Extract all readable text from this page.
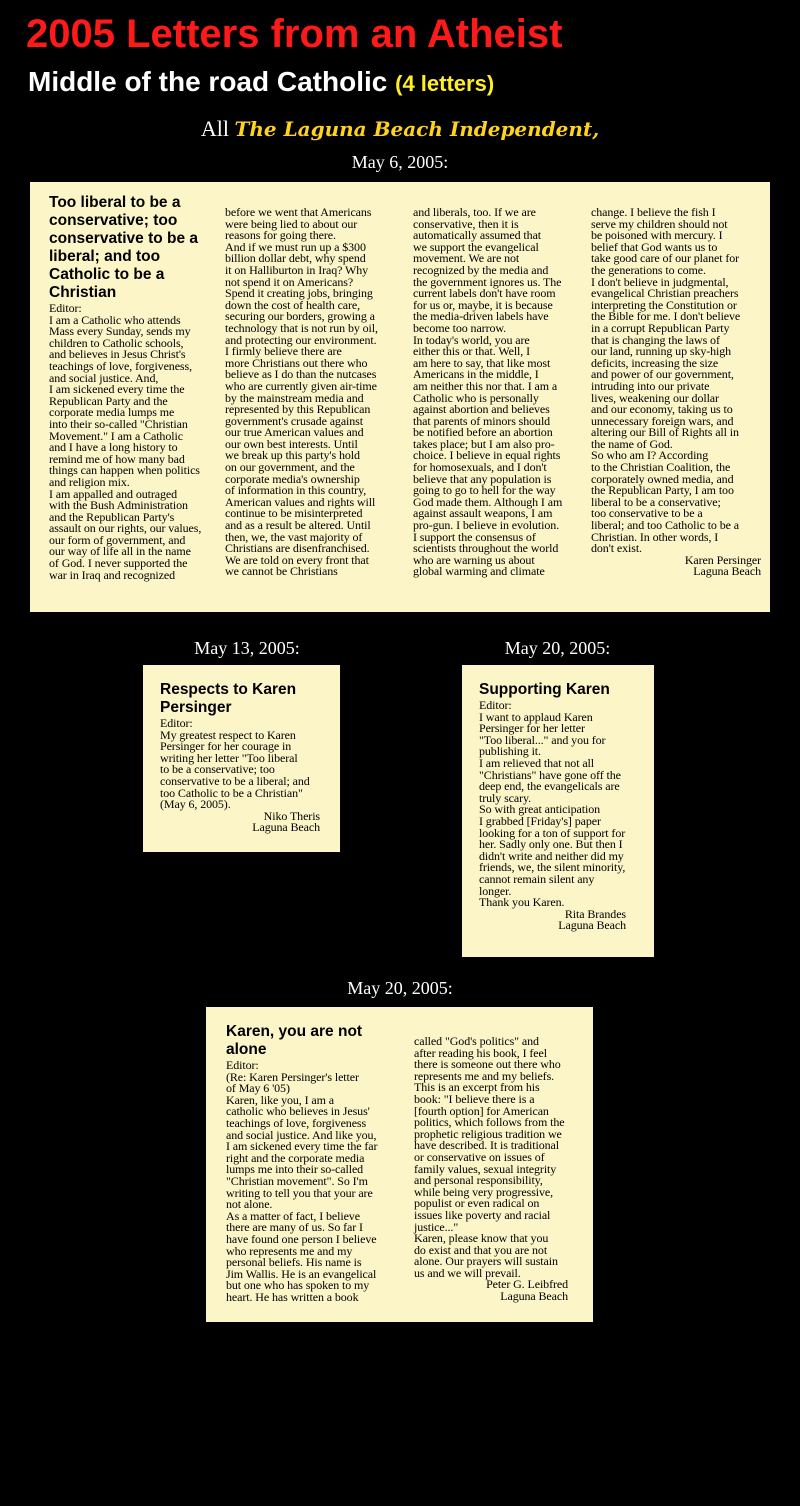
2005 Letters from an Atheist
Middle of the road Catholic (4 letters)
All The Laguna Beach Independent,
May 6, 2005:
Too liberal to be a conservative; too conservative to be a liberal; and too Catholic to be a Christian
Editor:
I am a Catholic who attends
Mass every Sunday, sends my
children to Catholic schools,
and believes in Jesus Christ's
teachings of love, forgiveness,
and social justice. And,
I am sickened every time the
Republican Party and the
corporate media lumps me
into their so-called "Christian
Movement." I am a Catholic
and I have a long history to
remind me of how many bad
things can happen when politics
and religion mix.
I am appalled and outraged
with the Bush Administration
and the Republican Party's
assault on our rights, our values,
our form of government, and
our way of life all in the name
of God. I never supported the
war in Iraq and recognized
before we went that Americans
were being lied to about our
reasons for going there.
And if we must run up a $300
billion dollar debt, why spend
it on Halliburton in Iraq? Why
not spend it on Americans?
Spend it creating jobs, bringing
down the cost of health care,
securing our borders, growing a
technology that is not run by oil,
and protecting our environment.
I firmly believe there are
more Christians out there who
believe as I do than the nutcases
who are currently given air-time
by the mainstream media and
represented by this Republican
government's crusade against
our true American values and
our own best interests. Until
we break up this party's hold
on our government, and the
corporate media's ownership
of information in this country,
American values and rights will
continue to be misinterpreted
and as a result be altered. Until
then, we, the vast majority of
Christians are disenfranchised.
We are told on every front that
we cannot be Christians
and liberals, too. If we are
conservative, then it is
automatically assumed that
we support the evangelical
movement. We are not
recognized by the media and
the government ignores us. The
current labels don't have room
for us or, maybe, it is because
the media-driven labels have
become too narrow.
In today's world, you are
either this or that. Well, I
am here to say, that like most
Americans in the middle, I
am neither this nor that. I am a
Catholic who is personally
against abortion and believes
that parents of minors should
be notified before an abortion
takes place; but I am also pro-
choice. I believe in equal rights
for homosexuals, and I don't
believe that any population is
going to go to hell for the way
God made them. Although I am
against assault weapons, I am
pro-gun. I believe in evolution.
I support the consensus of
scientists throughout the world
who are warning us about
global warming and climate
change. I believe the fish I
serve my children should not
be poisoned with mercury. I
belief that God wants us to
take good care of our planet for
the generations to come.
I don't believe in judgmental,
evangelical Christian preachers
interpreting the Constitution or
the Bible for me. I don't believe
in a corrupt Republican Party
that is changing the laws of
our land, running up sky-high
deficits, increasing the size
and power of our government,
intruding into our private
lives, weakening our dollar
and our economy, taking us to
unnecessary foreign wars, and
altering our Bill of Rights all in
the name of God.
So who am I? According
to the Christian Coalition, the
corporately owned media, and
the Republican Party, I am too
liberal to be a conservative;
too conservative to be a
liberal; and too Catholic to be a
Christian. In other words, I
don't exist.
Karen Persinger
Laguna Beach
May 13, 2005:
Respects to Karen Persinger
Editor:
My greatest respect to Karen
Persinger for her courage in
writing her letter "Too liberal
to be a conservative; too
conservative to be a liberal; and
too Catholic to be a Christian"
(May 6, 2005).
Niko Theris
Laguna Beach
May 20, 2005:
Supporting Karen
Editor:
I want to applaud Karen
Persinger for her letter
"Too liberal..." and you for
publishing it.
I am relieved that not all
"Christians" have gone off the
deep end, the evangelicals are
truly scary.
So with great anticipation
I grabbed [Friday's] paper
looking for a ton of support for
her. Sadly only one. But then I
didn't write and neither did my
friends, we, the silent minority,
cannot remain silent any
longer.
Thank you Karen.
Rita Brandes
Laguna Beach
May 20, 2005:
Karen, you are not alone
Editor:
(Re: Karen Persinger's letter
of May 6 '05)
Karen, like you, I am a
catholic who believes in Jesus'
teachings of love, forgiveness
and social justice. And like you,
I am sickened every time the far
right and the corporate media
lumps me into their so-called
"Christian movement". So I'm
writing to tell you that your are
not alone.
As a matter of fact, I believe
there are many of us. So far I
have found one person I believe
who represents me and my
personal beliefs. His name is
Jim Wallis. He is an evangelical
but one who has spoken to my
heart. He has written a book
called "God's politics" and
after reading his book, I feel
there is someone out there who
represents me and my beliefs.
This is an excerpt from his
book: "I believe there is a
[fourth option] for American
politics, which follows from the
prophetic religious tradition we
have described. It is traditional
or conservative on issues of
family values, sexual integrity
and personal responsibility,
while being very progressive,
populist or even radical on
issues like poverty and racial
justice..."
Karen, please know that you
do exist and that you are not
alone. Our prayers will sustain
us and we will prevail.
Peter G. Leibfred
Laguna Beach
